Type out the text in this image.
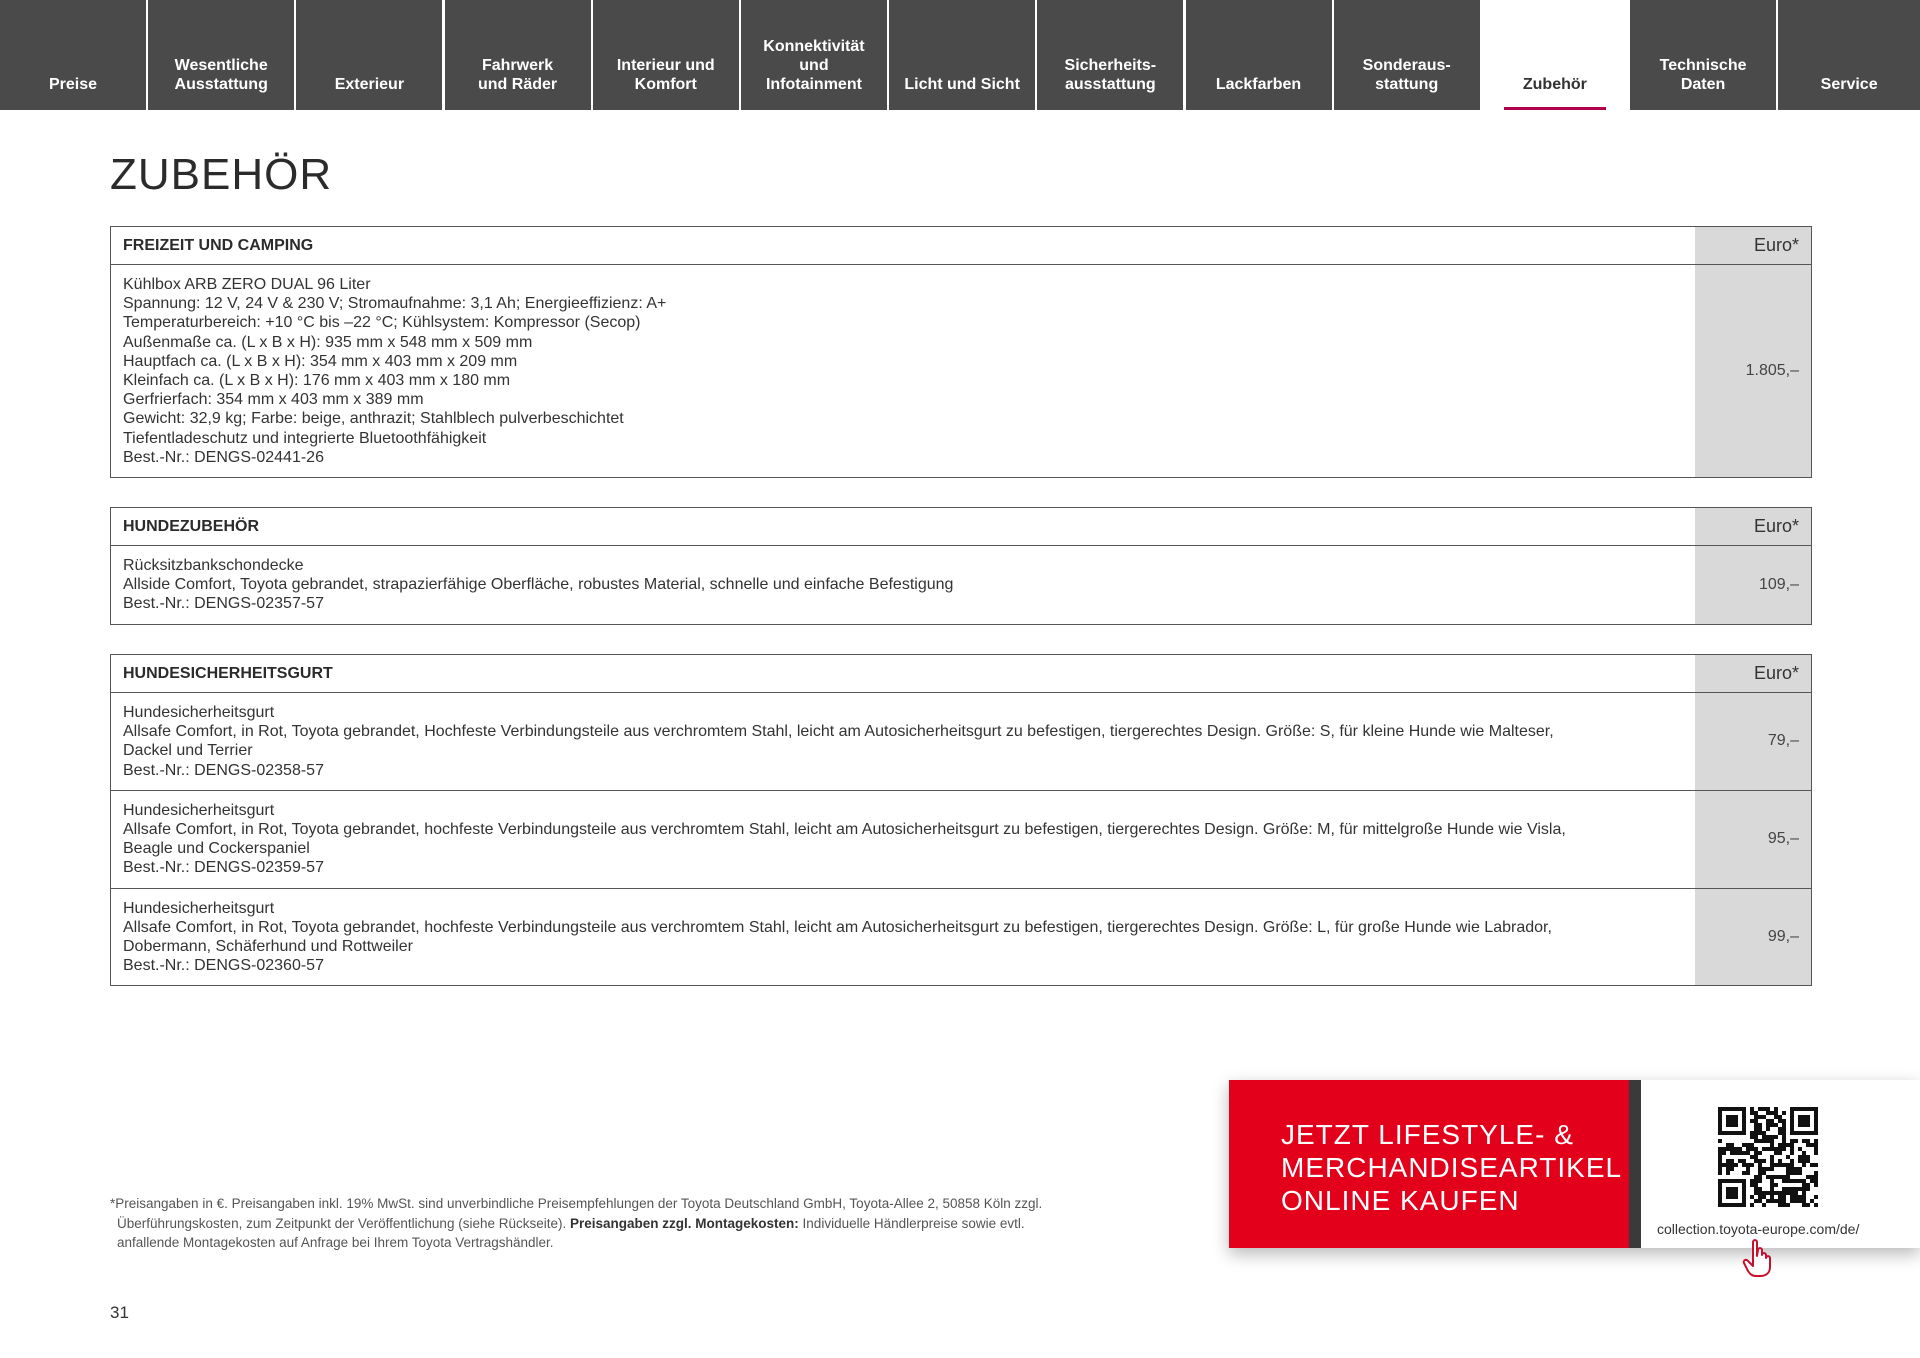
Preise
Wesentliche
Ausstattung	Exterieur
Fahrwerk
und Räder
Interieur und
Komfort
Konnektivität
und
Infotainment	Licht und Sicht
Sicherheits-
ausstattung	Lackfarben
Sonderaus-
stattung	Zubehör
Technische
Daten	Service
ZUBEHÖR
FREIZEIT UND CAMPING	Euro*
Kühlbox ARB ZERO DUAL 96 Liter
Spannung: 12 V, 24 V & 230 V; Stromaufnahme: 3,1 Ah; Energieeffizienz: A+
Temperaturbereich: +10 °C bis –22 °C; Kühlsystem: Kompressor (Secop)
Außenmaße ca. (L x B x H): 935 mm x 548 mm x 509 mm
Hauptfach ca. (L x B x H): 354 mm x 403 mm x 209 mm
Kleinfach ca. (L x B x H): 176 mm x 403 mm x 180 mm
Gerfrierfach: 354 mm x 403 mm x 389 mm
Gewicht: 32,9 kg; Farbe: beige, anthrazit; Stahlblech pulverbeschichtet
Tiefentladeschutz und integrierte Bluetoothfähigkeit
Best.-Nr.: DENGS-02441-26
1.805,–
HUNDEZUBEHÖR	Euro*
Rücksitzbankschondecke
Allside Comfort, Toyota gebrandet, strapazierfähige Oberfläche, robustes Material, schnelle und einfache Befestigung
Best.-Nr.: DENGS-02357-57
109,–
HUNDESICHERHEITSGURT	Euro*
Hundesicherheitsgurt
Allsafe Comfort, in Rot, Toyota gebrandet, Hochfeste Verbindungsteile aus verchromtem Stahl, leicht am Autosicherheitsgurt zu befestigen, tiergerechtes Design. Größe: S, für kleine Hunde wie Malteser,
Dackel und Terrier
Best.-Nr.: DENGS-02358-57
79,–
Hundesicherheitsgurt
Allsafe Comfort, in Rot, Toyota gebrandet, hochfeste Verbindungsteile aus verchromtem Stahl, leicht am Autosicherheitsgurt zu befestigen, tiergerechtes Design. Größe: M, für mittelgroße Hunde wie Visla,
Beagle und Cockerspaniel
Best.-Nr.: DENGS-02359-57
95,–
Hundesicherheitsgurt
Allsafe Comfort, in Rot, Toyota gebrandet, hochfeste Verbindungsteile aus verchromtem Stahl, leicht am Autosicherheitsgurt zu befestigen, tiergerechtes Design. Größe: L, für große Hunde wie Labrador,
Dobermann, Schäferhund und Rottweiler
Best.-Nr.: DENGS-02360-57
99,–
*Preisangaben in €. Preisangaben inkl. 19% MwSt. sind unverbindliche Preisempfehlungen der Toyota Deutschland GmbH, Toyota-Allee 2, 50858 Köln zzgl.
Überführungskosten, zum Zeitpunkt der Veröffentlichung (siehe Rückseite). Preisangaben zzgl. Montagekosten: Individuelle Händlerpreise sowie evtl.
anfallende Montagekosten auf Anfrage bei Ihrem Toyota Vertragshändler.
31
JETZT LIFESTYLE- &
MERCHANDISEARTIKEL
ONLINE KAUFEN
collection.toyota-europe.com/de/
